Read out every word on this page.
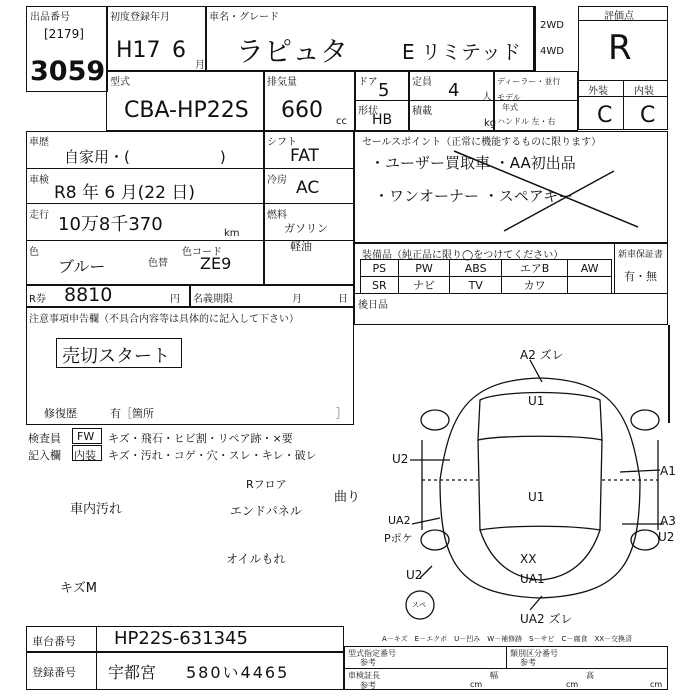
出品番号
[2179]
3059
初度登録年月
H17 6
月
車名・グレード
ラピュタ	E リミテッド
2WD
4WD
評価点
R
外装	内装
C C
型式
CBA-HP22S
排気量
660 cc
ドア 5 定員 4 人
形状
HB
積載
kg
ディーラー・並行
年式
モデル
ハンドル 左・右
車歴
自家用・(　　　　　　)
車検
R8 年 6 月(22 日)
走行 10万8千370	km
色
ブルー	色替
色コード
ZE9
シフト
FAT
冷房 AC
燃料
ガソリン
軽油
R券 8810	円 名義期限	月	日
注意事項申告欄（不具合内容等は具体的に記入して下さい）
売切スタート
修復歴	有［箇所	］
セールスポイント（正常に機能するものに限ります）
・ユーザー買取車 ・AA初出品
・ワンオーナー ・スペアキー
装備品（純正品に限り◯をつけてください）
PS	PW	ABS	エアB	AW
SR	ナビ	TV	カワ	
新車保証書
有・無
後日品
検査員
記入欄
FW キズ・飛石・ヒビ割・リペア跡・×要
内装 キズ・汚れ・コゲ・穴・スレ・キレ・破レ
車内汚れ
Rフロア
エンドパネル
曲り
オイルもれ
キズM
A2 ズレ
U1
U1
U2
A1
UA2
Pポケ
A3
U2
XX
UA1
U2
スペ
UA2 ズレ
車台番号 HP22S-631345
登録番号 宇都宮 580い4465
A－キズ　E－エクボ　U－凹み　W－補修跡　S－サビ　C－腐食　XX－交換済
型式指定番号
参考
類別区分番号
参考
車検証長
参考	cm
幅
cm
高
cm
